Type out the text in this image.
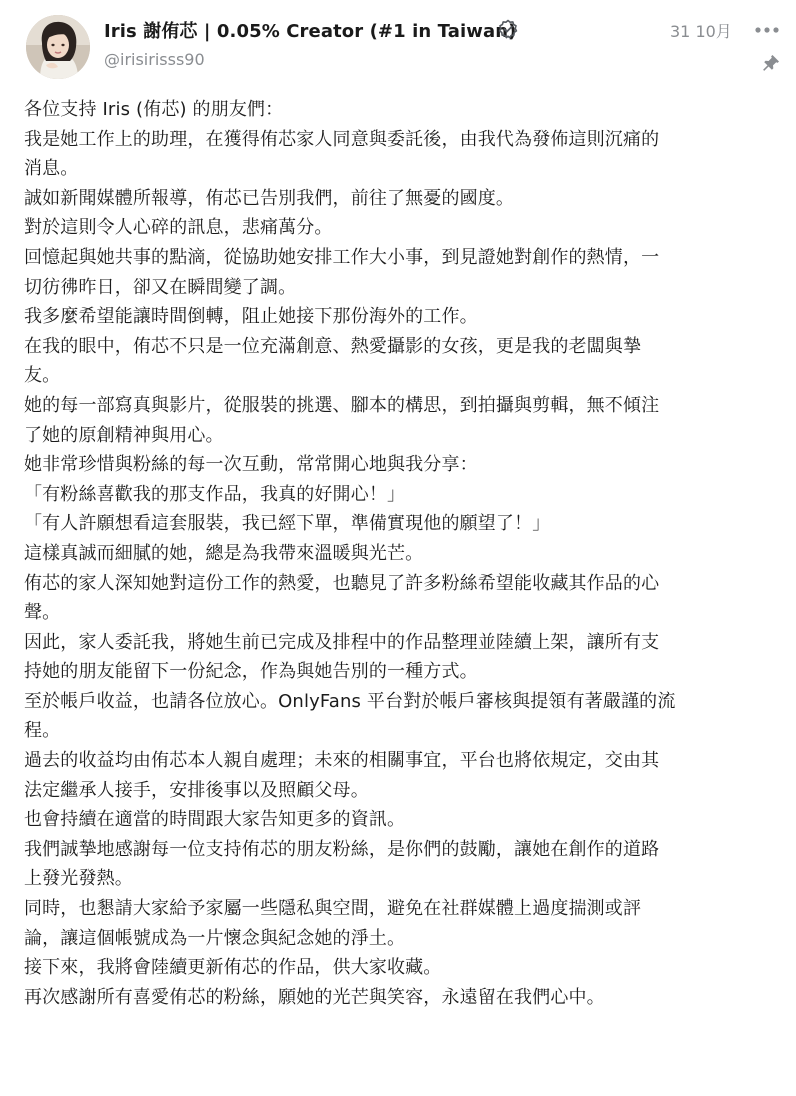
Iris 謝侑芯 | 0.05% Creator (#1 in Taiwan)
@irisirisss90
31 10月
各位支持 Iris (侑芯) 的朋友們：
我是她工作上的助理，在獲得侑芯家人同意與委託後，由我代為發佈這則沉痛的
消息。
誠如新聞媒體所報導，侑芯已告別我們，前往了無憂的國度。
對於這則令人心碎的訊息，悲痛萬分。
回憶起與她共事的點滴，從協助她安排工作大小事，到見證她對創作的熱情，一
切彷彿昨日，卻又在瞬間變了調。
我多麼希望能讓時間倒轉，阻止她接下那份海外的工作。
在我的眼中，侑芯不只是一位充滿創意、熱愛攝影的女孩，更是我的老闆與摯
友。
她的每一部寫真與影片，從服裝的挑選、腳本的構思，到拍攝與剪輯，無不傾注
了她的原創精神與用心。
她非常珍惜與粉絲的每一次互動，常常開心地與我分享：
「有粉絲喜歡我的那支作品，我真的好開心！」
「有人許願想看這套服裝，我已經下單，準備實現他的願望了！」
這樣真誠而細膩的她，總是為我帶來溫暖與光芒。
侑芯的家人深知她對這份工作的熱愛，也聽見了許多粉絲希望能收藏其作品的心
聲。
因此，家人委託我，將她生前已完成及排程中的作品整理並陸續上架，讓所有支
持她的朋友能留下一份紀念，作為與她告別的一種方式。
至於帳戶收益，也請各位放心。OnlyFans 平台對於帳戶審核與提領有著嚴謹的流
程。
過去的收益均由侑芯本人親自處理；未來的相關事宜，平台也將依規定，交由其
法定繼承人接手，安排後事以及照顧父母。
也會持續在適當的時間跟大家告知更多的資訊。
我們誠摯地感謝每一位支持侑芯的朋友粉絲，是你們的鼓勵，讓她在創作的道路
上發光發熱。
同時，也懇請大家給予家屬一些隱私與空間，避免在社群媒體上過度揣測或評
論，讓這個帳號成為一片懷念與紀念她的淨土。
接下來，我將會陸續更新侑芯的作品，供大家收藏。
再次感謝所有喜愛侑芯的粉絲，願她的光芒與笑容，永遠留在我們心中。
